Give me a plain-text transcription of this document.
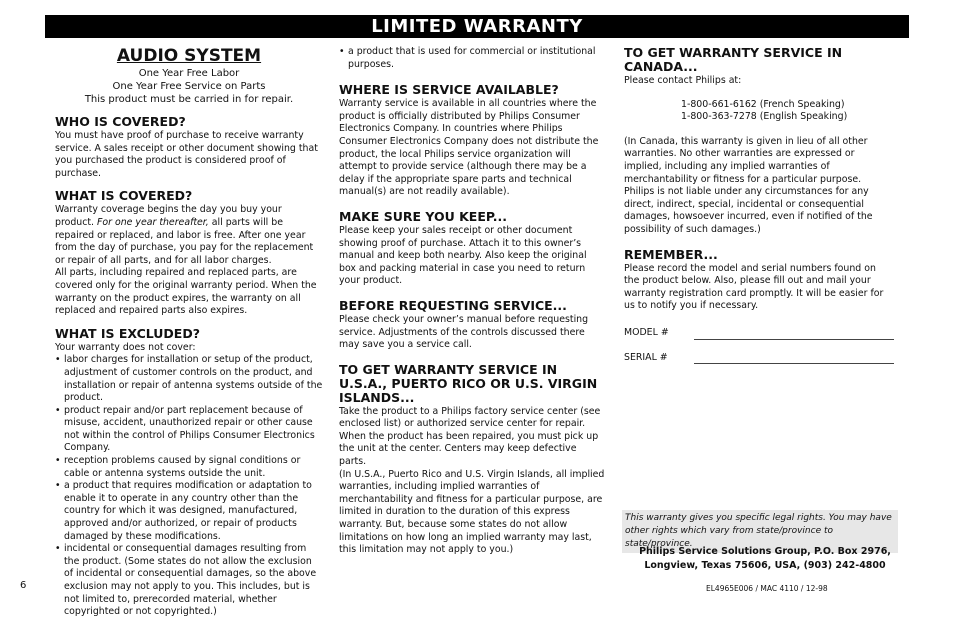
LIMITED WARRANTY
AUDIO SYSTEM
One Year Free Labor
One Year Free Service on Parts
This product must be carried in for repair.
WHO IS COVERED?

You must have proof of purchase to receive warranty service. A sales receipt or other document showing that you purchased the product is considered proof of purchase.

WHAT IS COVERED?

Warranty coverage begins the day you buy your product. For one year thereafter, all parts will be repaired or replaced, and labor is free. After one year from the day of purchase, you pay for the replacement or repair of all parts, and for all labor charges.

All parts, including repaired and replaced parts, are covered only for the original warranty period. When the warranty on the product expires, the warranty on all replaced and repaired parts also expires.

WHAT IS EXCLUDED?

Your warranty does not cover:

• labor charges for installation or setup of the product, adjustment of customer controls on the product, and installation or repair of antenna systems outside of the product.
• product repair and/or part replacement because of misuse, accident, unauthorized repair or other cause not within the control of Philips Consumer Electronics Company.
• reception problems caused by signal conditions or cable or antenna systems outside the unit.
• a product that requires modification or adaptation to enable it to operate in any country other than the country for which it was designed, manufactured, approved and/or authorized, or repair of products damaged by these modifications.
• incidental or consequential damages resulting from the product. (Some states do not allow the exclusion of incidental or consequential damages, so the above exclusion may not apply to you. This includes, but is not limited to, prerecorded material, whether copyrighted or not copyrighted.)
• a product that is used for commercial or institutional purposes.
WHERE IS SERVICE AVAILABLE?

Warranty service is available in all countries where the product is officially distributed by Philips Consumer Electronics Company. In countries where Philips Consumer Electronics Company does not distribute the product, the local Philips service organization will attempt to provide service (although there may be a delay if the appropriate spare parts and technical manual(s) are not readily available).

MAKE SURE YOU KEEP...

Please keep your sales receipt or other document showing proof of purchase. Attach it to this owner’s manual and keep both nearby. Also keep the original box and packing material in case you need to return your product.

BEFORE REQUESTING SERVICE...

Please check your owner’s manual before requesting service. Adjustments of the controls discussed there may save you a service call.

TO GET WARRANTY SERVICE IN U.S.A., PUERTO RICO OR U.S. VIRGIN ISLANDS...

Take the product to a Philips factory service center (see enclosed list) or authorized service center for repair. When the product has been repaired, you must pick up the unit at the center. Centers may keep defective parts.

(In U.S.A., Puerto Rico and U.S. Virgin Islands, all implied warranties, including implied warranties of merchantability and fitness for a particular purpose, are limited in duration to the duration of this express warranty. But, because some states do not allow limitations on how long an implied warranty may last, this limitation may not apply to you.)

TO GET WARRANTY SERVICE IN CANADA...

Please contact Philips at:

1-800-661-6162 (French Speaking)
1-800-363-7278 (English Speaking)

(In Canada, this warranty is given in lieu of all other warranties. No other warranties are expressed or implied, including any implied warranties of merchantability or fitness for a particular purpose. Philips is not liable under any circumstances for any direct, indirect, special, incidental or consequential damages, howsoever incurred, even if notified of the possibility of such damages.)

REMEMBER...

Please record the model and serial numbers found on the product below. Also, please fill out and mail your warranty registration card promptly. It will be easier for us to notify you if necessary.

MODEL #
SERIAL #
This warranty gives you specific legal rights. You may have other rights which vary from state/province to state/province.
Philips Service Solutions Group, P.O. Box 2976,
Longview, Texas 75606, USA, (903) 242-4800
EL4965E006 / MAC 4110 / 12-98
6
